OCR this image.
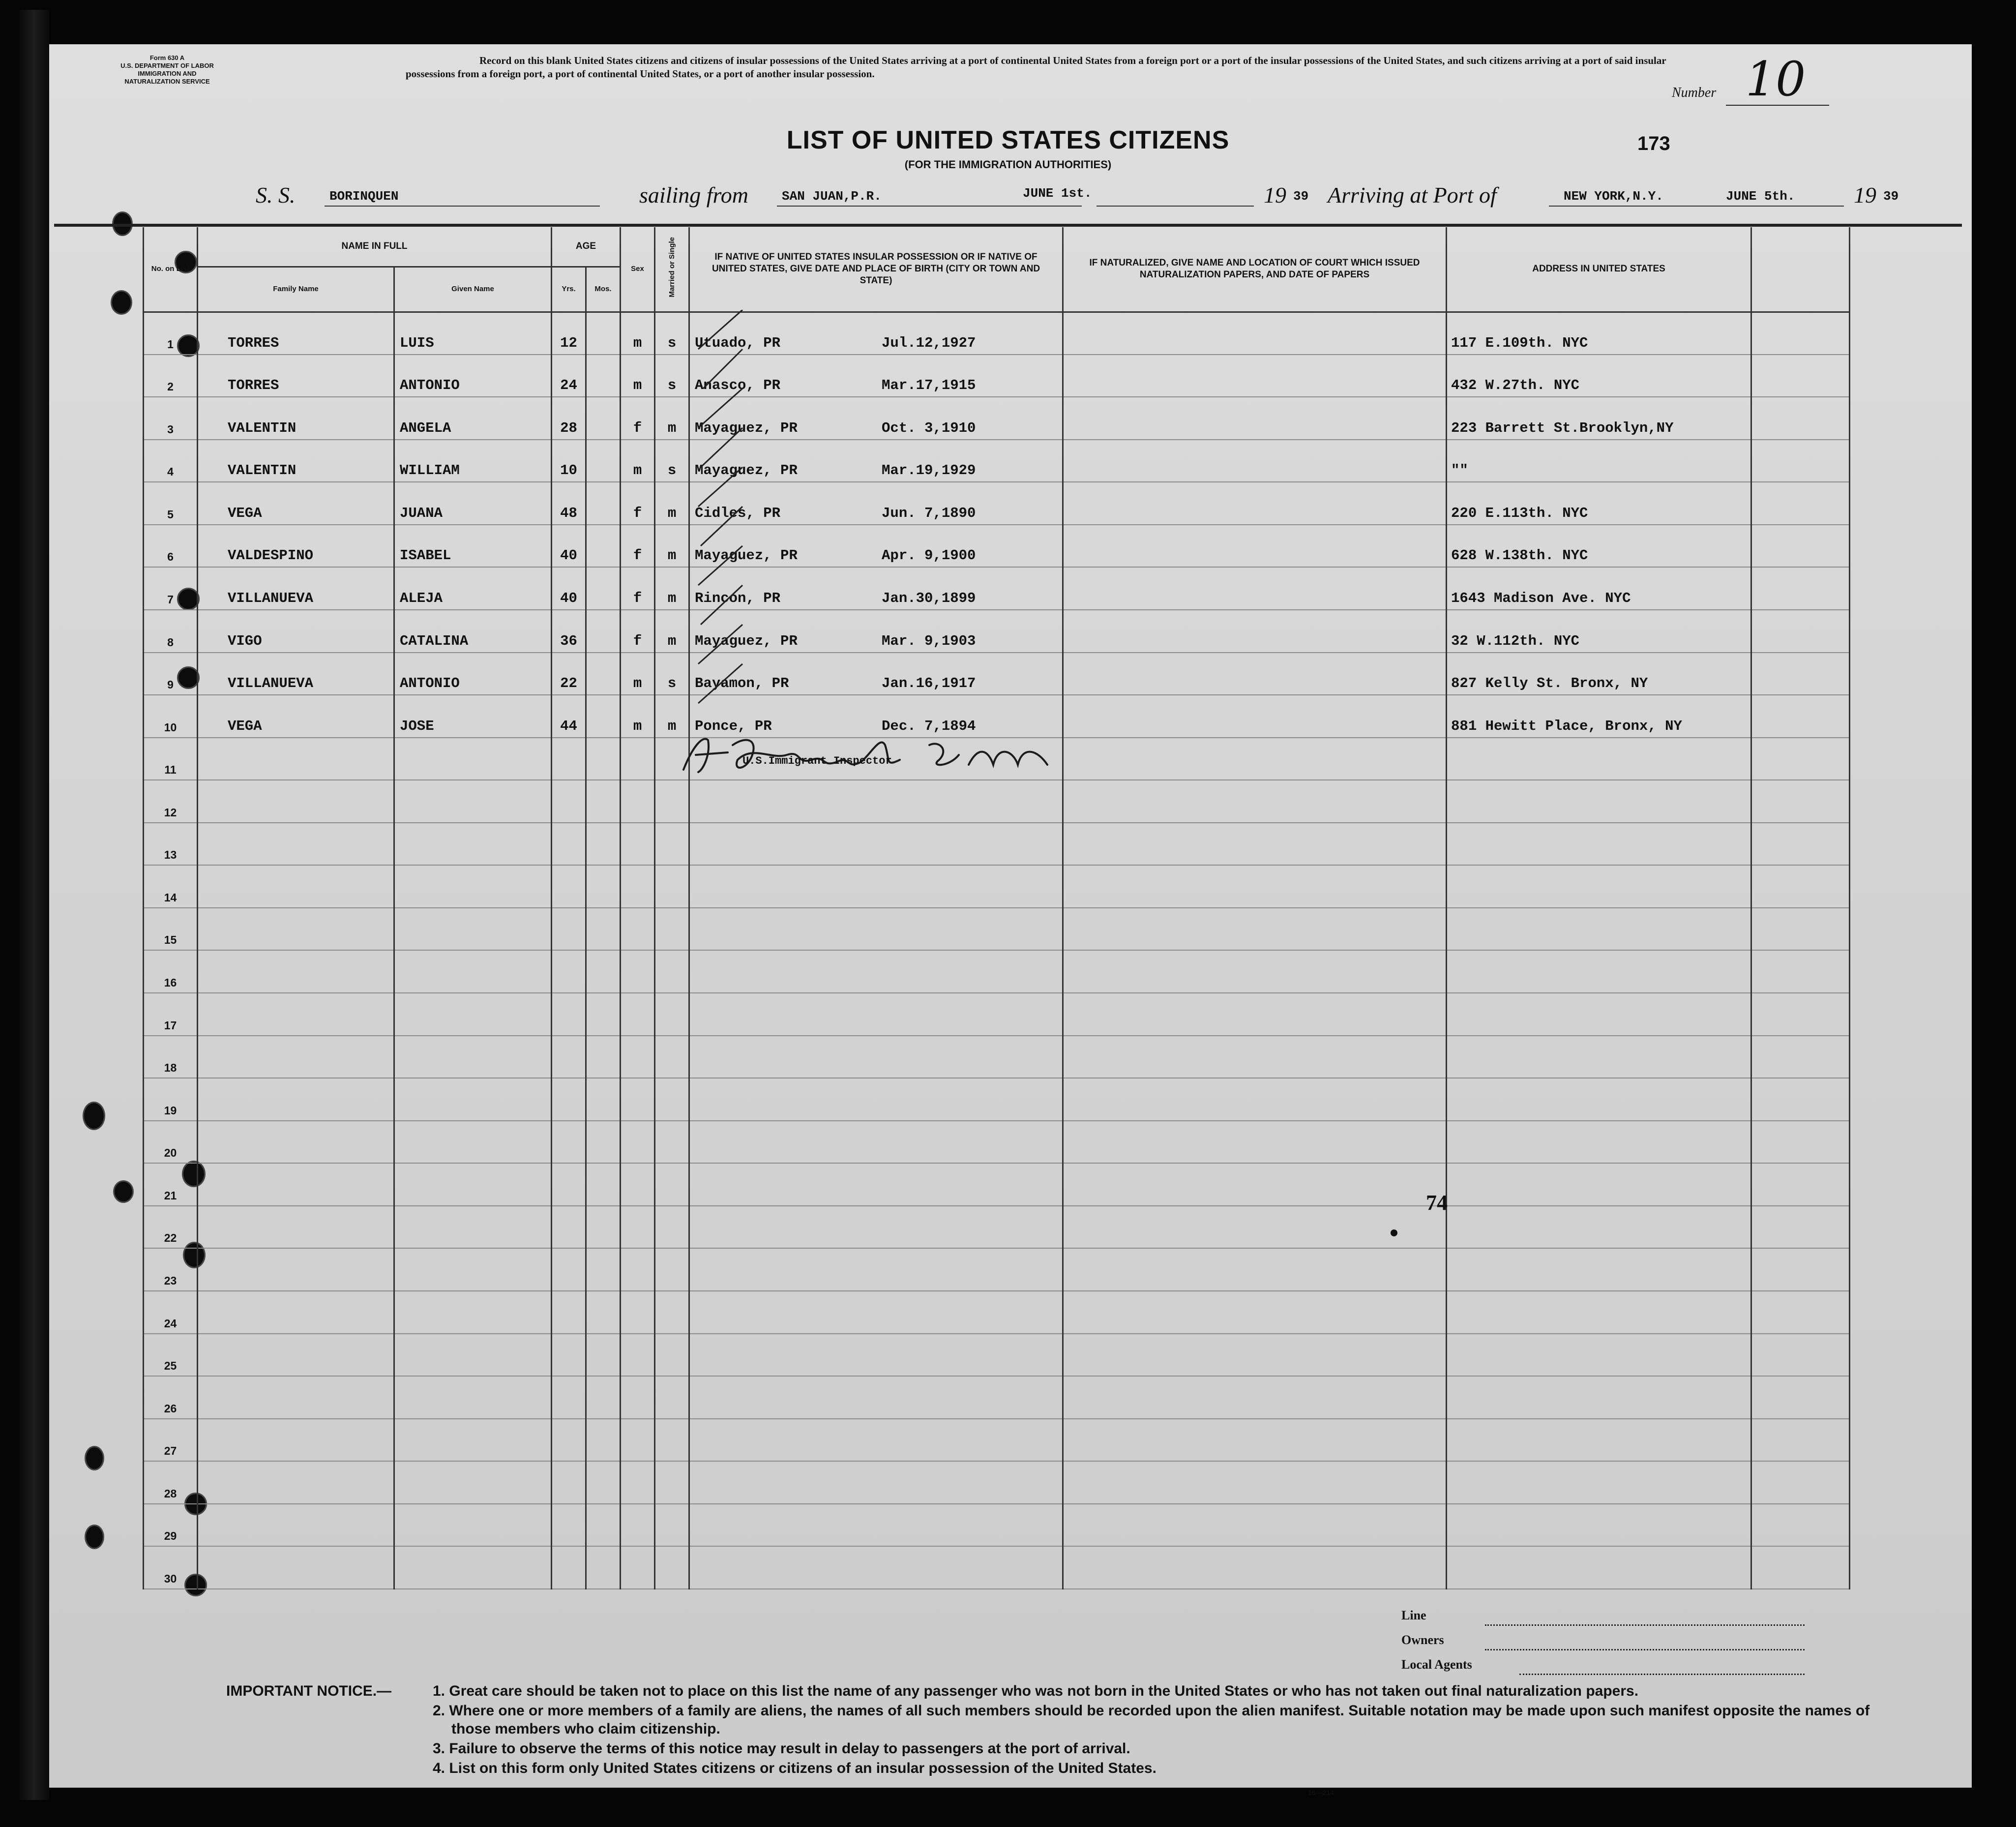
Form 630 A
U.S. DEPARTMENT OF LABOR
IMMIGRATION AND
NATURALIZATION SERVICE
Record on this blank United States citizens and citizens of insular possessions of the United States arriving at a port of continental United States from a foreign port or a port of the insular possessions of the United States, and such citizens arriving at a port of said insular possessions from a foreign port, a port of continental United States, or a port of another insular possession.
Number 10
LIST OF UNITED STATES CITIZENS
(FOR THE IMMIGRATION AUTHORITIES)
173
S. S.	BORINQUEN	sailing from	SAN JUAN,P.R.	JUNE 1st.	19 39 Arriving at Port of	NEW YORK,N.Y.	JUNE 5th.	19 39
No. on List	NAME IN FULL		AGE		Sex	Married or Single	IF NATIVE OF UNITED STATES INSULAR POSSESSION OR IF NATIVE OF UNITED STATES, GIVE DATE AND PLACE OF BIRTH (CITY OR TOWN AND STATE)	IF NATURALIZED, GIVE NAME AND LOCATION OF COURT WHICH ISSUED NATURALIZATION PAPERS, AND DATE OF PAPERS	ADDRESS IN UNITED STATES	
	Family Name	Given Name	Yrs.	Mos.						
1	TORRES	LUIS	12		m	s	Utuado, PR Jul.12,1927		117 E.109th. NYC	
2	TORRES	ANTONIO	24		m	s	Anasco, PR Mar.17,1915		432 W.27th. NYC	
3	VALENTIN	ANGELA	28		f	m	Mayaguez, PR Oct. 3,1910		223 Barrett St.Brooklyn,NY	
4	VALENTIN	WILLIAM	10		m	s	Mayaguez, PR Mar.19,1929		""	
5	VEGA	JUANA	48		f	m	Cidles, PR Jun. 7,1890		220 E.113th. NYC	
6	VALDESPINO	ISABEL	40		f	m	Mayaguez, PR Apr. 9,1900		628 W.138th. NYC	
7	VILLANUEVA	ALEJA	40		f	m	Rincon, PR Jan.30,1899		1643 Madison Ave. NYC	
8	VIGO	CATALINA	36		f	m	Mayaguez, PR Mar. 9,1903		32 W.112th. NYC	
9	VILLANUEVA	ANTONIO	22		m	s	Bayamon, PR Jan.16,1917		827 Kelly St. Bronx, NY	
10	VEGA	JOSE	44		m	m	Ponce, PR Dec. 7,1894		881 Hewitt Place, Bronx, NY	
11										
12										
13										
14										
15										
16										
17										
18										
19										
20										
21										
22										
23										
24										
25										
26										
27										
28										
29										
30										
U.S.Immigrant Inspector
74
Line
Owners
Local Agents
IMPORTANT NOTICE.—	1. Great care should be taken not to place on this list the name of any passenger who was not born in the United States or who has not taken out final naturalization papers.

2. Where one or more members of a family are aliens, the names of all such members should be recorded upon the alien manifest. Suitable notation may be made upon such manifest opposite the names of those members who claim citizenship.

3. Failure to observe the terms of this notice may result in delay to passengers at the port of arrival.

4. List on this form only United States citizens or citizens of an insular possession of the United States.

16—214
